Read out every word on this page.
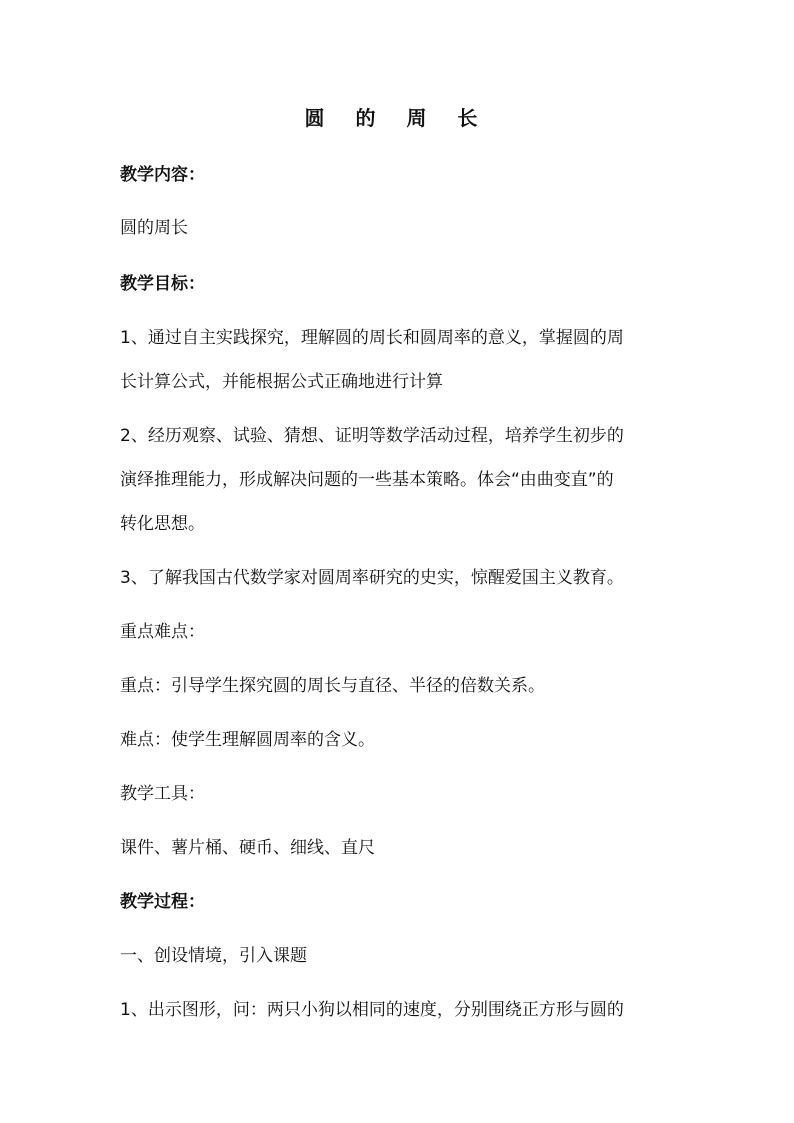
圆 的 周 长
教学内容：
圆的周长
教学目标：
1、通过自主实践探究，理解圆的周长和圆周率的意义，掌握圆的周
长计算公式，并能根据公式正确地进行计算
2、经历观察、试验、猜想、证明等数学活动过程，培养学生初步的
演绎推理能力，形成解决问题的一些基本策略。体会“由曲变直”的
转化思想。
3、了解我国古代数学家对圆周率研究的史实，惊醒爱国主义教育。
重点难点：
重点：引导学生探究圆的周长与直径、半径的倍数关系。
难点：使学生理解圆周率的含义。
教学工具：
课件、薯片桶、硬币、细线、直尺
教学过程：
一、创设情境，引入课题
1、出示图形，问：两只小狗以相同的速度，分别围绕正方形与圆的
